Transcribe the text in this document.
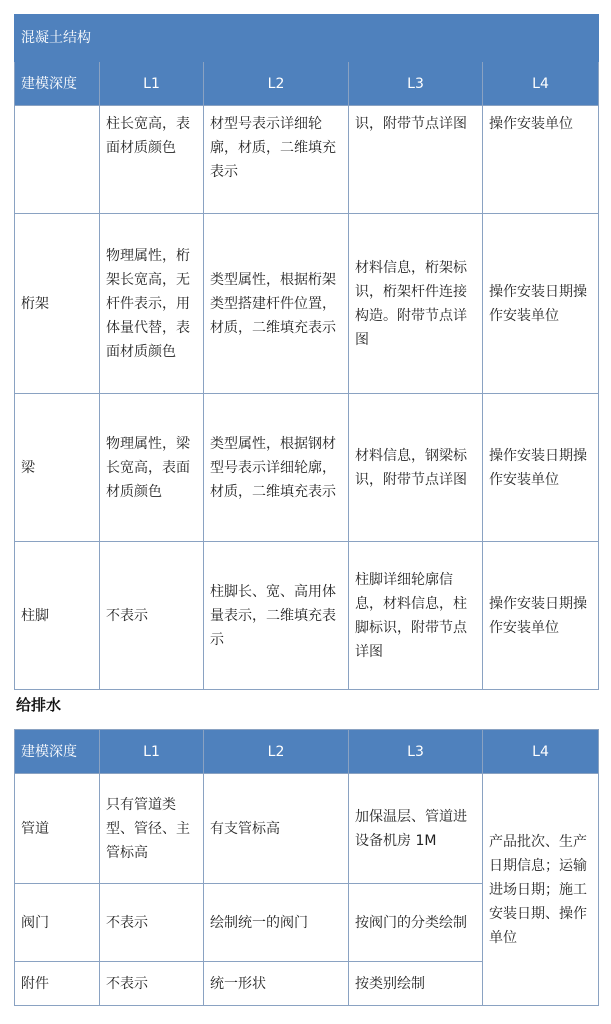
混凝土结构				
建模深度	L1	L2	L3	L4
	柱长宽高，表面材质颜色	材型号表示详细轮廓，材质，二维填充表示	识，附带节点详图	操作安装单位
桁架	物理属性，桁架长宽高，无杆件表示，用体量代替，表面材质颜色	类型属性，根据桁架类型搭建杆件位置，材质，二维填充表示	材料信息，桁架标识，桁架杆件连接构造。附带节点详图	操作安装日期操作安装单位
梁	物理属性，梁长宽高，表面材质颜色	类型属性，根据钢材型号表示详细轮廓，材质，二维填充表示	材料信息，钢梁标识，附带节点详图	操作安装日期操作安装单位
柱脚	不表示	柱脚长、宽、高用体量表示，二维填充表示	柱脚详细轮廓信息，材料信息，柱脚标识，附带节点详图	操作安装日期操作安装单位

给排水

建模深度	L1	L2	L3	L4
管道	只有管道类型、管径、主管标高	有支管标高	加保温层、管道进设备机房 1M	产品批次、生产日期信息；运输进场日期；施工安装日期、操作单位
阀门	不表示	绘制统一的阀门	按阀门的分类绘制	
附件	不表示	统一形状	按类别绘制	
